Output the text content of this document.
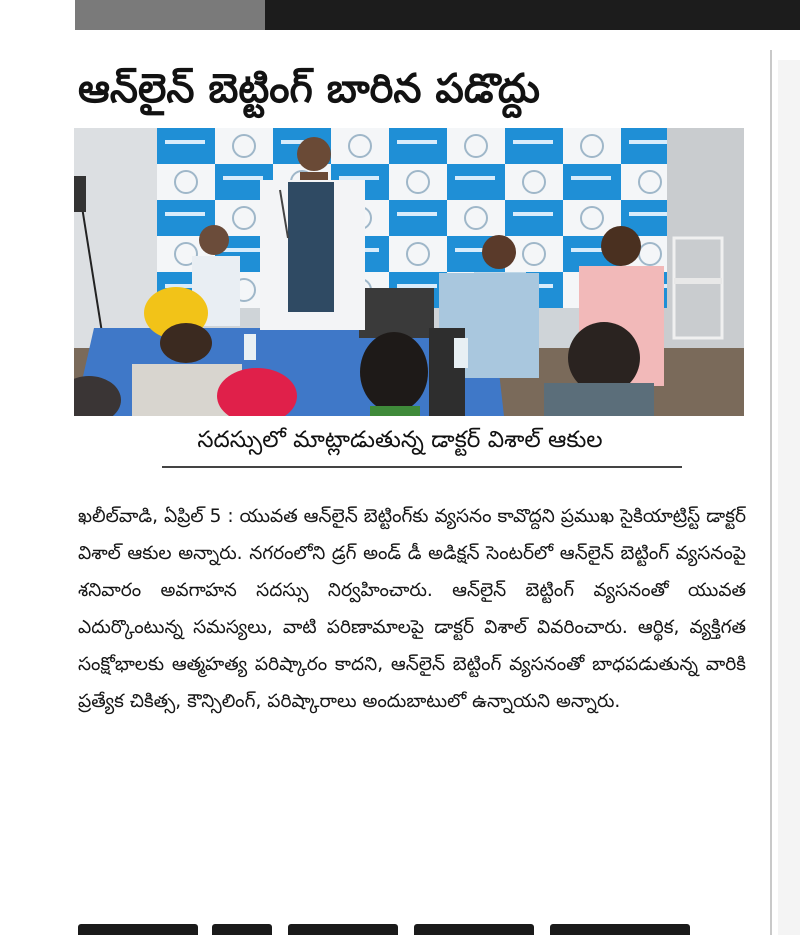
ఆన్‌లైన్ బెట్టింగ్ బారిన పడొద్దు
సదస్సులో మాట్లాడుతున్న డాక్టర్ విశాల్ ఆకుల

ఖలీల్‌వాడి, ఏప్రిల్ 5 : యువత ఆన్‌లైన్ బెట్టింగ్‌కు వ్యసనం కావొద్దని ప్రముఖ సైకియాట్రిస్ట్ డాక్టర్ విశాల్ ఆకుల అన్నారు. నగరంలోని డ్రగ్ అండ్ డీ అడిక్షన్ సెంటర్‌లో ఆన్‌లైన్ బెట్టింగ్ వ్యసనంపై శనివారం అవగాహన సదస్సు నిర్వహించారు. ఆన్‌లైన్ బెట్టింగ్ వ్యసనంతో యువత ఎదుర్కొంటున్న సమస్యలు, వాటి పరిణామాలపై డాక్టర్ విశాల్ వివరించారు. ఆర్థిక, వ్యక్తిగత సంక్షోభాలకు ఆత్మహత్య పరిష్కారం కాదని, ఆన్‌లైన్ బెట్టింగ్ వ్యసనంతో బాధపడుతున్న వారికి ప్రత్యేక చికిత్స, కౌన్సిలింగ్, పరిష్కారాలు అందుబాటులో ఉన్నాయని అన్నారు.
